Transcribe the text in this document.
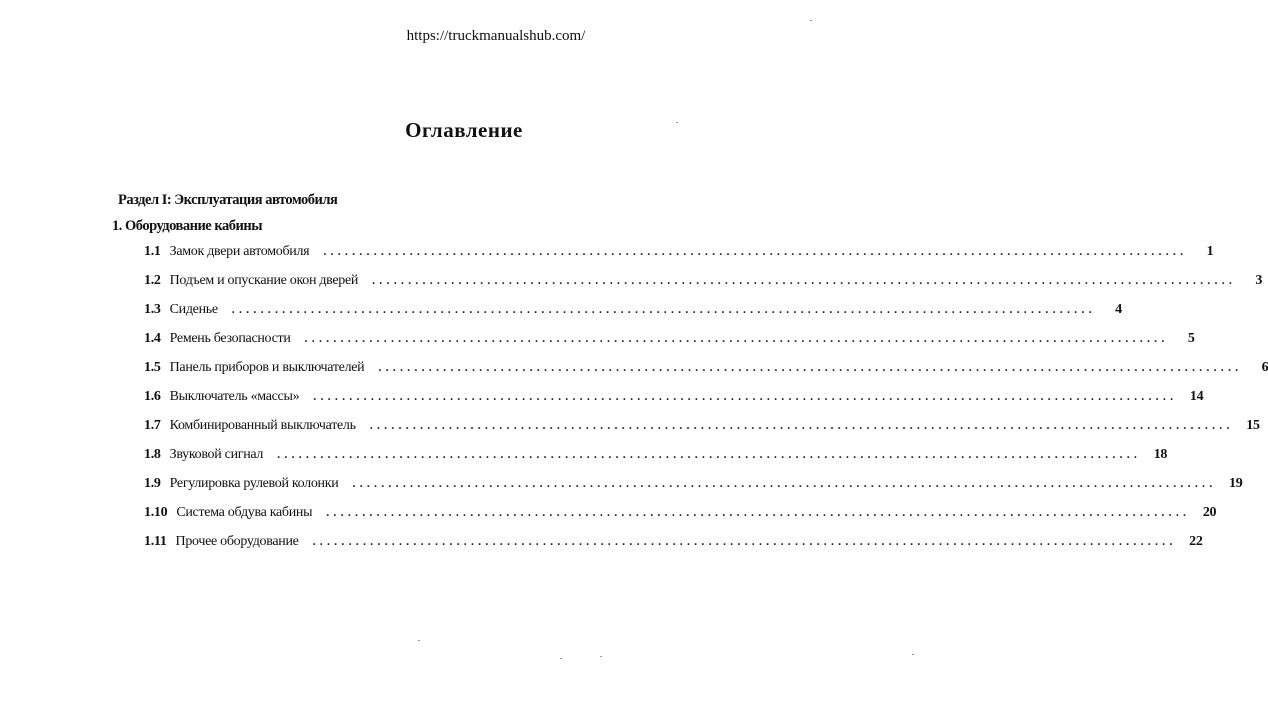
https://truckmanualshub.com/
Оглавление
Раздел I: Эксплуатация автомобиля
1. Оборудование кабины
1.1 Замок двери автомобиля ........................................................................................................................	1
1.2 Подъем и опускание окон дверей ........................................................................................................................	3
1.3 Сиденье ........................................................................................................................	4
1.4 Ремень безопасности ........................................................................................................................	5
1.5 Панель приборов и выключателей ........................................................................................................................	6
1.6 Выключатель «массы» ........................................................................................................................ 14
1.7 Комбинированный выключатель ........................................................................................................................ 15
1.8 Звуковой сигнал ........................................................................................................................ 18
1.9 Регулировка рулевой колонки ........................................................................................................................ 19
1.10 Система обдува кабины ........................................................................................................................ 20
1.11 Прочее оборудование ........................................................................................................................ 22
